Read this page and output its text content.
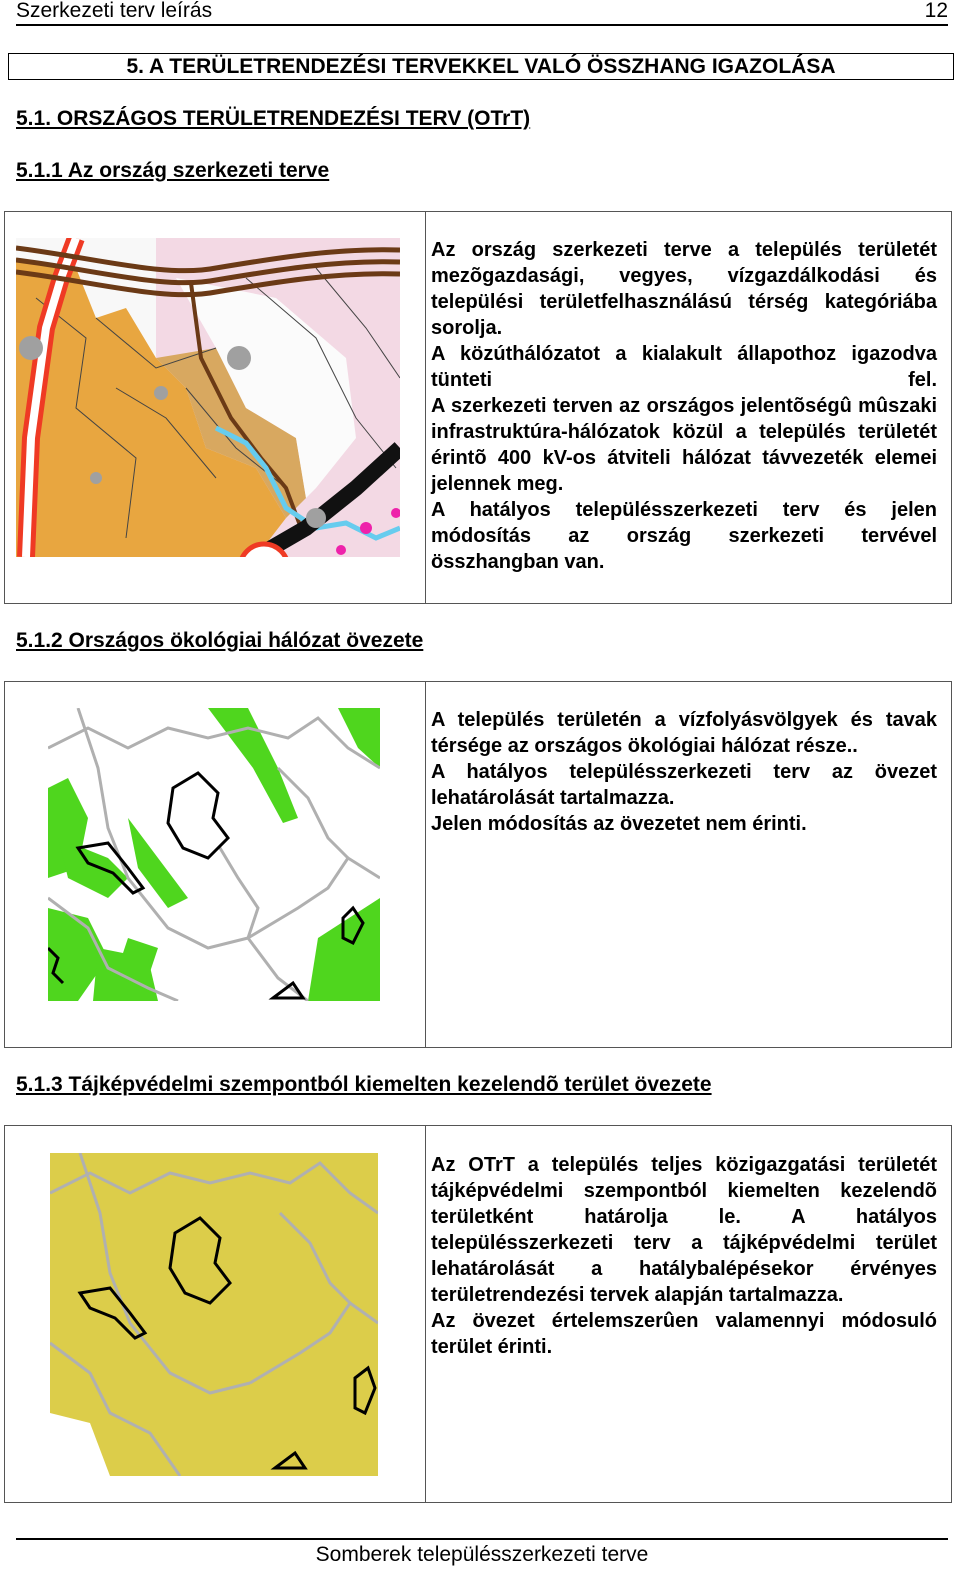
Szerkezeti terv leírás	12
5. A TERÜLETRENDEZÉSI TERVEKKEL VALÓ ÖSSZHANG IGAZOLÁSA
5.1. ORSZÁGOS TERÜLETRENDEZÉSI TERV (OTrT)
5.1.1 Az ország szerkezeti terve

Az ország szerkezeti terve a település területét mezõgazdasági, vegyes, vízgazdálkodási és települési területfelhasználású térség kategóriába sorolja.

A közúthálózatot a kialakult állapothoz igazodva tünteti fel.

A szerkezeti terven az országos jelentõségû mûszaki infrastruktúra-hálózatok közül a település területét érintõ 400 kV-os átviteli hálózat távvezeték elemei jelennek meg.

A hatályos településszerkezeti terv és jelen módosítás az ország szerkezeti tervével összhangban van.

5.1.2 Országos ökológiai hálózat övezete

A település területén a vízfolyásvölgyek és tavak térsége az országos ökológiai hálózat része..

A hatályos településszerkezeti terv az övezet lehatárolását tartalmazza.

Jelen módosítás az övezetet nem érinti.

5.1.3 Tájképvédelmi szempontból kiemelten kezelendõ terület övezete

Az OTrT a település teljes közigazgatási területét tájképvédelmi szempontból kiemelten kezelendõ területként határolja le. A hatályos településszerkezeti terv a tájképvédelmi terület lehatárolását a hatálybalépésekor érvényes területrendezési tervek alapján tartalmazza.

Az övezet értelemszerûen valamennyi módosuló terület érinti.

Somberek településszerkezeti terve
